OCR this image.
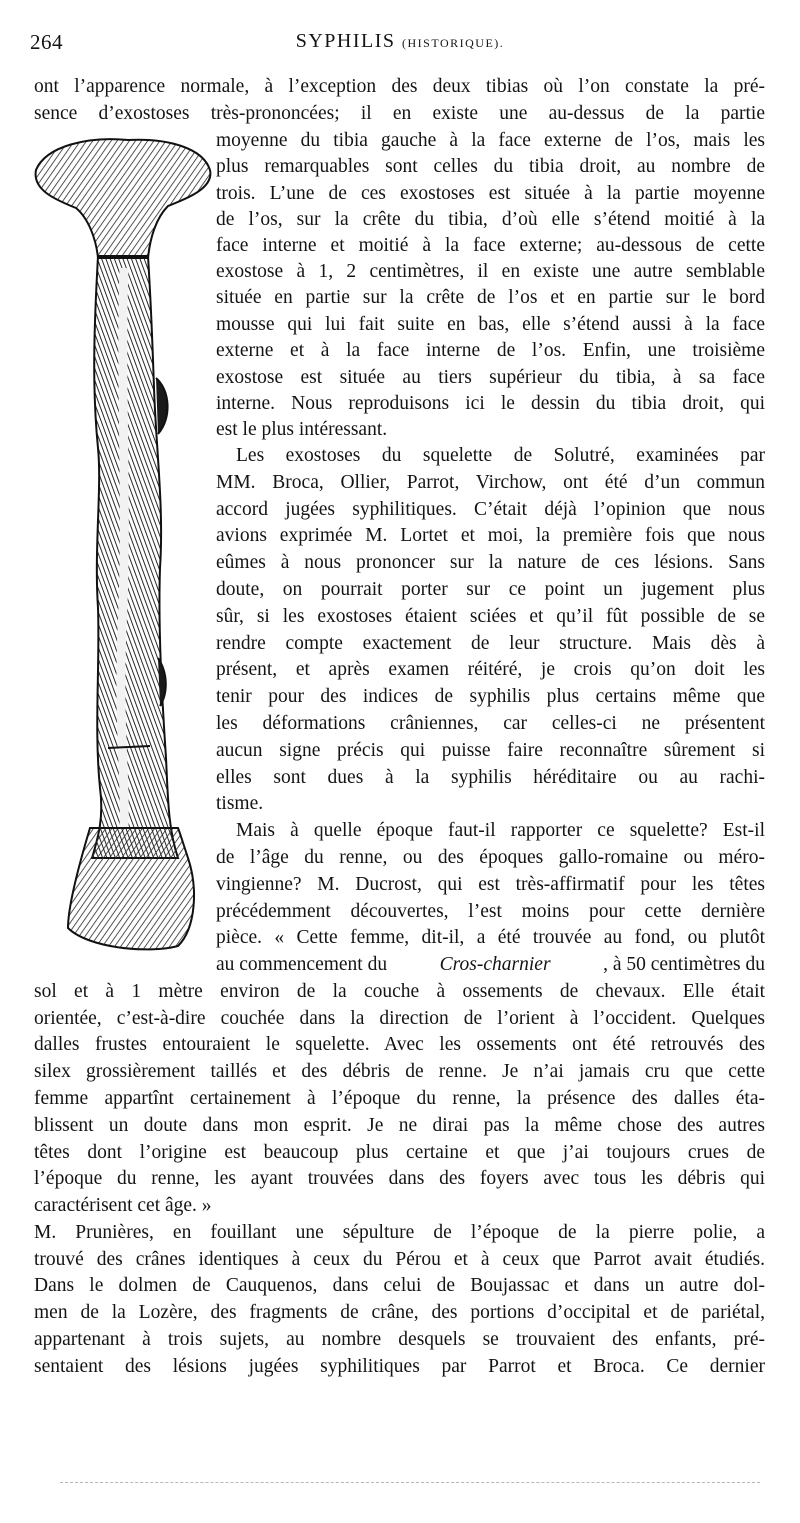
264	SYPHILIS (HISTORIQUE).
ont l’apparence normale, à l’exception des deux tibias où l’on constate la pré-
sence d’exostoses très-prononcées; il en existe une au-dessus de la partie
moyenne du tibia gauche à la face externe de l’os, mais les
plus remarquables sont celles du tibia droit, au nombre de
trois. L’une de ces exostoses est située à la partie moyenne
de l’os, sur la crête du tibia, d’où elle s’étend moitié à la
face interne et moitié à la face externe; au-dessous de cette
exostose à 1, 2 centimètres, il en existe une autre semblable
située en partie sur la crête de l’os et en partie sur le bord
mousse qui lui fait suite en bas, elle s’étend aussi à la face
externe et à la face interne de l’os. Enfin, une troisième
exostose est située au tiers supérieur du tibia, à sa face
interne. Nous reproduisons ici le dessin du tibia droit, qui
est le plus intéressant.
Les exostoses du squelette de Solutré, examinées par
MM. Broca, Ollier, Parrot, Virchow, ont été d’un commun
accord jugées syphilitiques. C’était déjà l’opinion que nous
avions exprimée M. Lortet et moi, la première fois que nous
eûmes à nous prononcer sur la nature de ces lésions. Sans
doute, on pourrait porter sur ce point un jugement plus
sûr, si les exostoses étaient sciées et qu’il fût possible de se
rendre compte exactement de leur structure. Mais dès à
présent, et après examen réitéré, je crois qu’on doit les
tenir pour des indices de syphilis plus certains même que
les déformations crâniennes, car celles-ci ne présentent
aucun signe précis qui puisse faire reconnaître sûrement si
elles sont dues à la syphilis héréditaire ou au rachi-
tisme.
Mais à quelle époque faut-il rapporter ce squelette? Est-il
de l’âge du renne, ou des époques gallo-romaine ou méro-
vingienne? M. Ducrost, qui est très-affirmatif pour les têtes
précédemment découvertes, l’est moins pour cette dernière
pièce. « Cette femme, dit-il, a été trouvée au fond, ou plutôt
au commencement du	Cros-charnier	, à 50 centimètres du
sol et à 1 mètre environ de la couche à ossements de chevaux. Elle était
orientée, c’est-à-dire couchée dans la direction de l’orient à l’occident. Quelques
dalles frustes entouraient le squelette. Avec les ossements ont été retrouvés des
silex grossièrement taillés et des débris de renne. Je n’ai jamais cru que cette
femme appartînt certainement à l’époque du renne, la présence des dalles éta-
blissent un doute dans mon esprit. Je ne dirai pas la même chose des autres
têtes dont l’origine est beaucoup plus certaine et que j’ai toujours crues de
l’époque du renne, les ayant trouvées dans des foyers avec tous les débris qui
caractérisent cet âge. »
M. Prunières, en fouillant une sépulture de l’époque de la pierre polie, a
trouvé des crânes identiques à ceux du Pérou et à ceux que Parrot avait étudiés.
Dans le dolmen de Cauquenos, dans celui de Boujassac et dans un autre dol-
men de la Lozère, des fragments de crâne, des portions d’occipital et de pariétal,
appartenant à trois sujets, au nombre desquels se trouvaient des enfants, pré-
sentaient des lésions jugées syphilitiques par Parrot et Broca. Ce dernier
